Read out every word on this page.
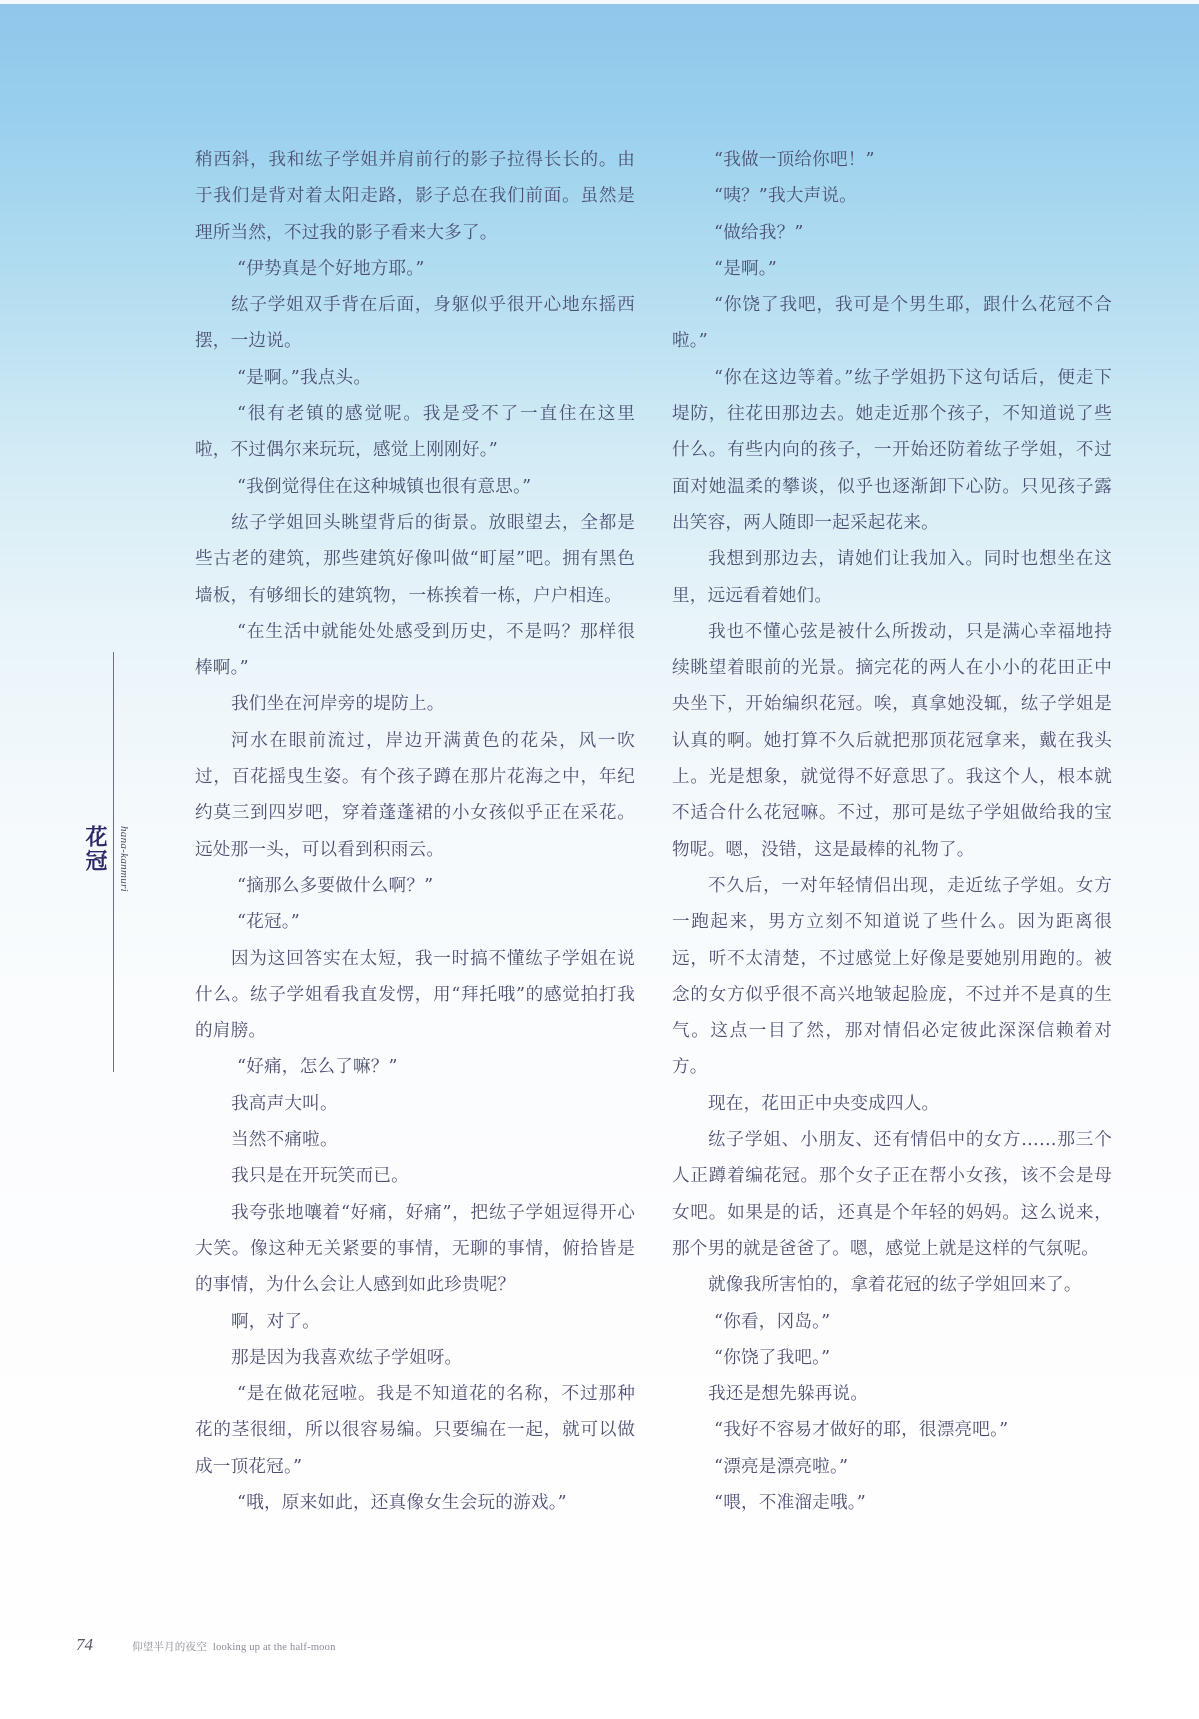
稍西斜，我和纮子学姐并肩前行的影子拉得长长的。由于我们是背对着太阳走路，影子总在我们前面。虽然是理所当然，不过我的影子看来大多了。

“伊势真是个好地方耶。”

纮子学姐双手背在后面，身躯似乎很开心地东摇西摆，一边说。

“是啊。”我点头。

“很有老镇的感觉呢。我是受不了一直住在这里啦，不过偶尔来玩玩，感觉上刚刚好。”

“我倒觉得住在这种城镇也很有意思。”

纮子学姐回头眺望背后的街景。放眼望去，全都是些古老的建筑，那些建筑好像叫做“町屋”吧。拥有黑色墙板，有够细长的建筑物，一栋挨着一栋，户户相连。

“在生活中就能处处感受到历史，不是吗？那样很棒啊。”

我们坐在河岸旁的堤防上。

河水在眼前流过，岸边开满黄色的花朵，风一吹过，百花摇曳生姿。有个孩子蹲在那片花海之中，年纪约莫三到四岁吧，穿着蓬蓬裙的小女孩似乎正在采花。远处那一头，可以看到积雨云。

“摘那么多要做什么啊？”

“花冠。”

因为这回答实在太短，我一时搞不懂纮子学姐在说什么。纮子学姐看我直发愣，用“拜托哦”的感觉拍打我的肩膀。

“好痛，怎么了嘛？”

我高声大叫。

当然不痛啦。

我只是在开玩笑而已。

我夸张地嚷着“好痛，好痛”，把纮子学姐逗得开心大笑。像这种无关紧要的事情，无聊的事情，俯拾皆是的事情，为什么会让人感到如此珍贵呢？

啊，对了。

那是因为我喜欢纮子学姐呀。

“是在做花冠啦。我是不知道花的名称，不过那种花的茎很细，所以很容易编。只要编在一起，就可以做成一顶花冠。”

“哦，原来如此，还真像女生会玩的游戏。”

“我做一顶给你吧！”

“咦？”我大声说。

“做给我？”

“是啊。”

“你饶了我吧，我可是个男生耶，跟什么花冠不合啦。”

“你在这边等着。”纮子学姐扔下这句话后，便走下堤防，往花田那边去。她走近那个孩子，不知道说了些什么。有些内向的孩子，一开始还防着纮子学姐，不过面对她温柔的攀谈，似乎也逐渐卸下心防。只见孩子露出笑容，两人随即一起采起花来。

我想到那边去，请她们让我加入。同时也想坐在这里，远远看着她们。

我也不懂心弦是被什么所拨动，只是满心幸福地持续眺望着眼前的光景。摘完花的两人在小小的花田正中央坐下，开始编织花冠。唉，真拿她没辄，纮子学姐是认真的啊。她打算不久后就把那顶花冠拿来，戴在我头上。光是想象，就觉得不好意思了。我这个人，根本就不适合什么花冠嘛。不过，那可是纮子学姐做给我的宝物呢。嗯，没错，这是最棒的礼物了。

不久后，一对年轻情侣出现，走近纮子学姐。女方一跑起来，男方立刻不知道说了些什么。因为距离很远，听不太清楚，不过感觉上好像是要她别用跑的。被念的女方似乎很不高兴地皱起脸庞，不过并不是真的生气。这点一目了然，那对情侣必定彼此深深信赖着对方。

现在，花田正中央变成四人。

纮子学姐、小朋友、还有情侣中的女方……那三个人正蹲着编花冠。那个女子正在帮小女孩，该不会是母女吧。如果是的话，还真是个年轻的妈妈。这么说来，那个男的就是爸爸了。嗯，感觉上就是这样的气氛呢。

就像我所害怕的，拿着花冠的纮子学姐回来了。

“你看，冈岛。”

“你饶了我吧。”

我还是想先躲再说。

“我好不容易才做好的耶，很漂亮吧。”

“漂亮是漂亮啦。”

“喂，不准溜走哦。”

花冠 hana-kanmuri
74	仰望半月的夜空 looking up at the half-moon
